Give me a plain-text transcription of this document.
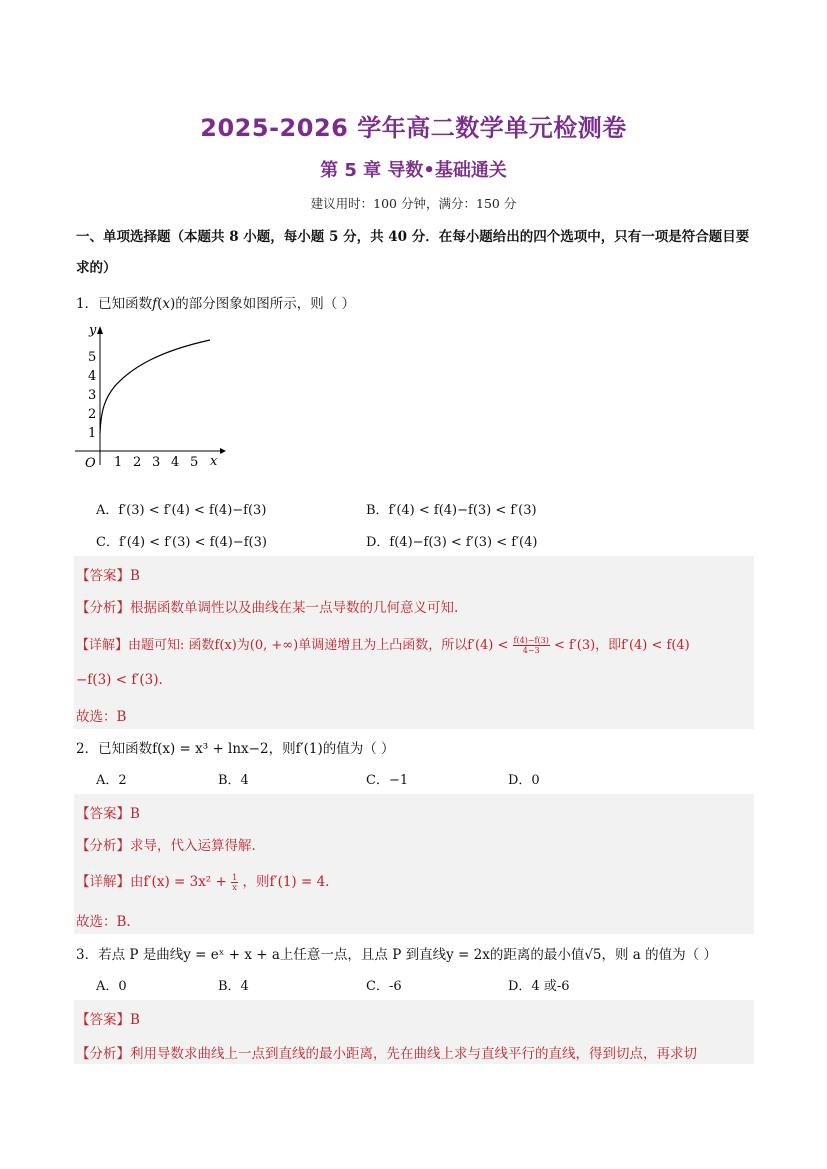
2025-2026 学年高二数学单元检测卷
第 5 章 导数•基础通关
建议用时：100 分钟，满分：150 分
一、单项选择题（本题共 8 小题，每小题 5 分，共 40 分．在每小题给出的四个选项中，只有一项是符合题目要求的）
1．已知函数f(x)的部分图象如图所示，则（ ）
y
x
O 1 2 3 4 5
1
2
3
4
5
A．f′(3) < f′(4) < f(4)−f(3)	B．f′(4) < f(4)−f(3) < f′(3)
C．f′(4) < f′(3) < f(4)−f(3)	D．f(4)−f(3) < f′(3) < f′(4)
【答案】B
【分析】根据函数单调性以及曲线在某一点导数的几何意义可知.
【详解】由题可知: 函数f(x)为(0, +∞)单调递增且为上凸函数，所以$f'(4) < \frac{f(4)-f(3)}{4-3} < f'(3)$，即f′(4) < f(4)
−f(3) < f′(3).
故选：B
2．已知函数f(x) = x³ + lnx−2，则f′(1)的值为（ ）
A．2	B．4	C．−1	D．0
【答案】B
【分析】求导，代入运算得解.
【详解】由$f'(x) = 3x^2 + \frac{1}{x}$ ，则f′(1) = 4.
故选：B.
3．若点 P 是曲线y = eˣ + x + a上任意一点，且点 P 到直线y = 2x的距离的最小值√5，则 a 的值为（ ）
A．0	B．4	C．-6	D．4 或-6
【答案】B
【分析】利用导数求曲线上一点到直线的最小距离，先在曲线上求与直线平行的直线，得到切点，再求切
